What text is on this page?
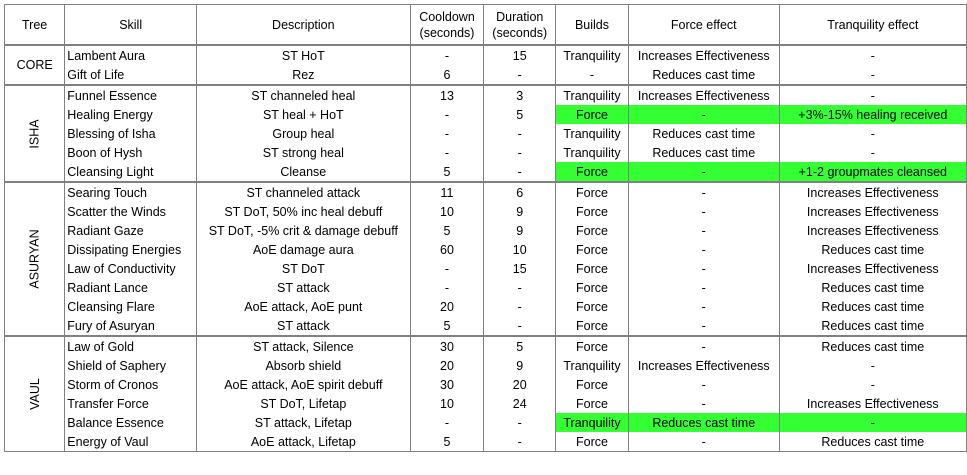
Tree	Skill	Description	Cooldown (seconds)	Duration (seconds)	Builds	Force effect	Tranquility effect

CORE	Lambent Aura	ST HoT	-	15	Tranquility	Increases Effectiveness	-
	Gift of Life	Rez	6	-	-	Reduces cast time	-
ISHA	Funnel Essence	ST channeled heal	13	3	Tranquility	Increases Effectiveness	-
	Healing Energy	ST heal + HoT	-	5	Force	-	+3%-15% healing received
	Blessing of Isha	Group heal	-	-	Tranquility	Reduces cast time	-
	Boon of Hysh	ST strong heal	-	-	Tranquility	Reduces cast time	-
	Cleansing Light	Cleanse	5	-	Force	-	+1-2 groupmates cleansed
ASURYAN	Searing Touch	ST channeled attack	11	6	Force	-	Increases Effectiveness
	Scatter the Winds	ST DoT, 50% inc heal debuff	10	9	Force	-	Increases Effectiveness
	Radiant Gaze	ST DoT, -5% crit & damage debuff	5	9	Force	-	Increases Effectiveness
	Dissipating Energies	AoE damage aura	60	10	Force	-	Reduces cast time
	Law of Conductivity	ST DoT	-	15	Force	-	Increases Effectiveness
	Radiant Lance	ST attack	-	-	Force	-	Reduces cast time
	Cleansing Flare	AoE attack, AoE punt	20	-	Force	-	Reduces cast time
	Fury of Asuryan	ST attack	5	-	Force	-	Reduces cast time
VAUL	Law of Gold	ST attack, Silence	30	5	Force	-	Reduces cast time
	Shield of Saphery	Absorb shield	20	9	Tranquility	Increases Effectiveness	-
	Storm of Cronos	AoE attack, AoE spirit debuff	30	20	Force	-	-
	Transfer Force	ST DoT, Lifetap	10	24	Force	-	Increases Effectiveness
	Balance Essence	ST attack, Lifetap	-	-	Tranquility	Reduces cast time	-
	Energy of Vaul	AoE attack, Lifetap	5	-	Force	-	Reduces cast time
